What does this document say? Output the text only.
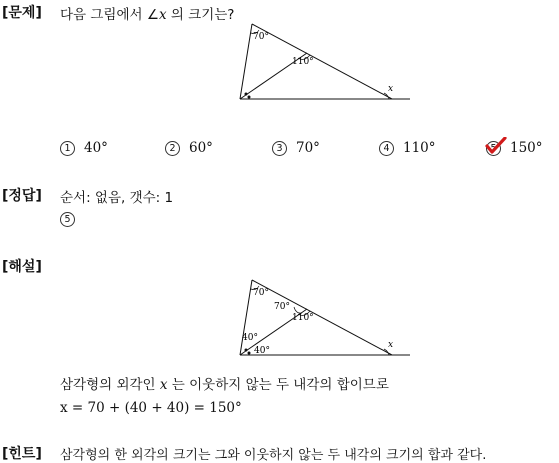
[문제] 다음 그림에서 ∠x 의 크기는?
70°
110°
x
1 40°	2 60°	3 70°	4 110°	5 150°
[정답] 순서: 없음, 갯수: 1
5
[해설]
70°
70°
110°
40°
40°
x
삼각형의 외각인 x 는 이웃하지 않는 두 내각의 합이므로
x = 70 + (40 + 40) = 150°
[힌트] 삼각형의 한 외각의 크기는 그와 이웃하지 않는 두 내각의 크기의 합과 같다.
